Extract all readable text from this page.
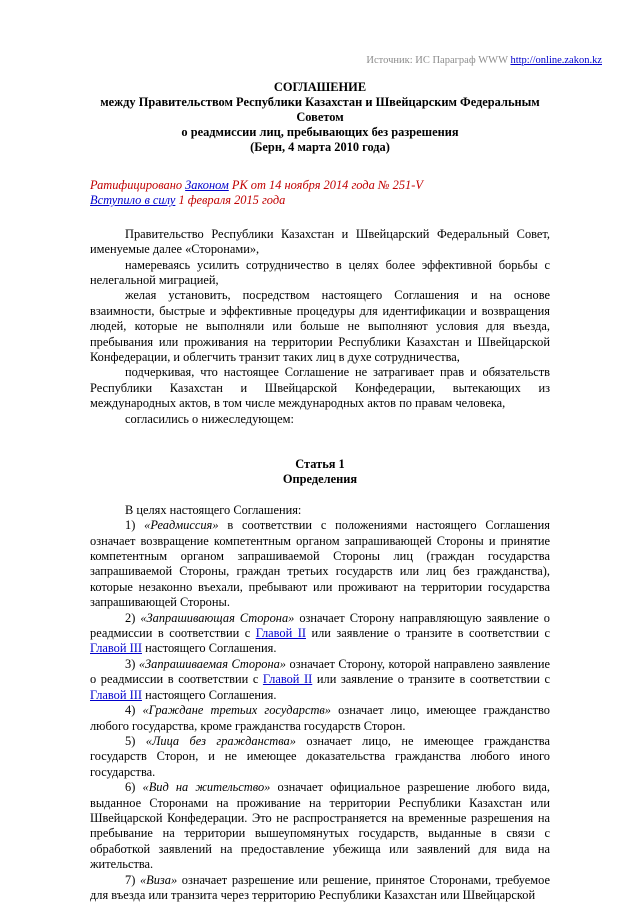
Источник: ИС Параграф WWW http://online.zakon.kz
СОГЛАШЕНИЕ
между Правительством Республики Казахстан и Швейцарским Федеральным Советом
о реадмиссии лиц, пребывающих без разрешения
(Берн, 4 марта 2010 года)

Ратифицировано Законом РК от 14 ноября 2014 года № 251-V

Вступило в силу 1 февраля 2015 года

Правительство Республики Казахстан и Швейцарский Федеральный Совет, именуемые далее «Сторонами»,

намереваясь усилить сотрудничество в целях более эффективной борьбы с нелегальной миграцией,

желая установить, посредством настоящего Соглашения и на основе взаимности, быстрые и эффективные процедуры для идентификации и возвращения людей, которые не выполняли или больше не выполняют условия для въезда, пребывания или проживания на территории Республики Казахстан и Швейцарской Конфедерации, и облегчить транзит таких лиц в духе сотрудничества,

подчеркивая, что настоящее Соглашение не затрагивает прав и обязательств Республики Казахстан и Швейцарской Конфедерации, вытекающих из международных актов, в том числе международных актов по правам человека,

согласились о нижеследующем:

Статья 1
Определения

В целях настоящего Соглашения:

1) «Реадмиссия» в соответствии с положениями настоящего Соглашения означает возвращение компетентным органом запрашивающей Стороны и принятие компетентным органом запрашиваемой Стороны лиц (граждан государства запрашиваемой Стороны, граждан третьих государств или лиц без гражданства), которые незаконно въехали, пребывают или проживают на территории государства запрашивающей Стороны.

2) «Запрашивающая Сторона» означает Сторону направляющую заявление о реадмиссии в соответствии с Главой II или заявление о транзите в соответствии с Главой III настоящего Соглашения.

3) «Запрашиваемая Сторона» означает Сторону, которой направлено заявление о реадмиссии в соответствии с Главой II или заявление о транзите в соответствии с Главой III настоящего Соглашения.

4) «Граждане третьих государств» означает лицо, имеющее гражданство любого государства, кроме гражданства государств Сторон.

5) «Лица без гражданства» означает лицо, не имеющее гражданства государств Сторон, и не имеющее доказательства гражданства любого иного государства.

6) «Вид на жительство» означает официальное разрешение любого вида, выданное Сторонами на проживание на территории Республики Казахстан или Швейцарской Конфедерации. Это не распространяется на временные разрешения на пребывание на территории вышеупомянутых государств, выданные в связи с обработкой заявлений на предоставление убежища или заявлений для вида на жительства.

7) «Виза» означает разрешение или решение, принятое Сторонами, требуемое для въезда или транзита через территорию Республики Казахстан или Швейцарской
